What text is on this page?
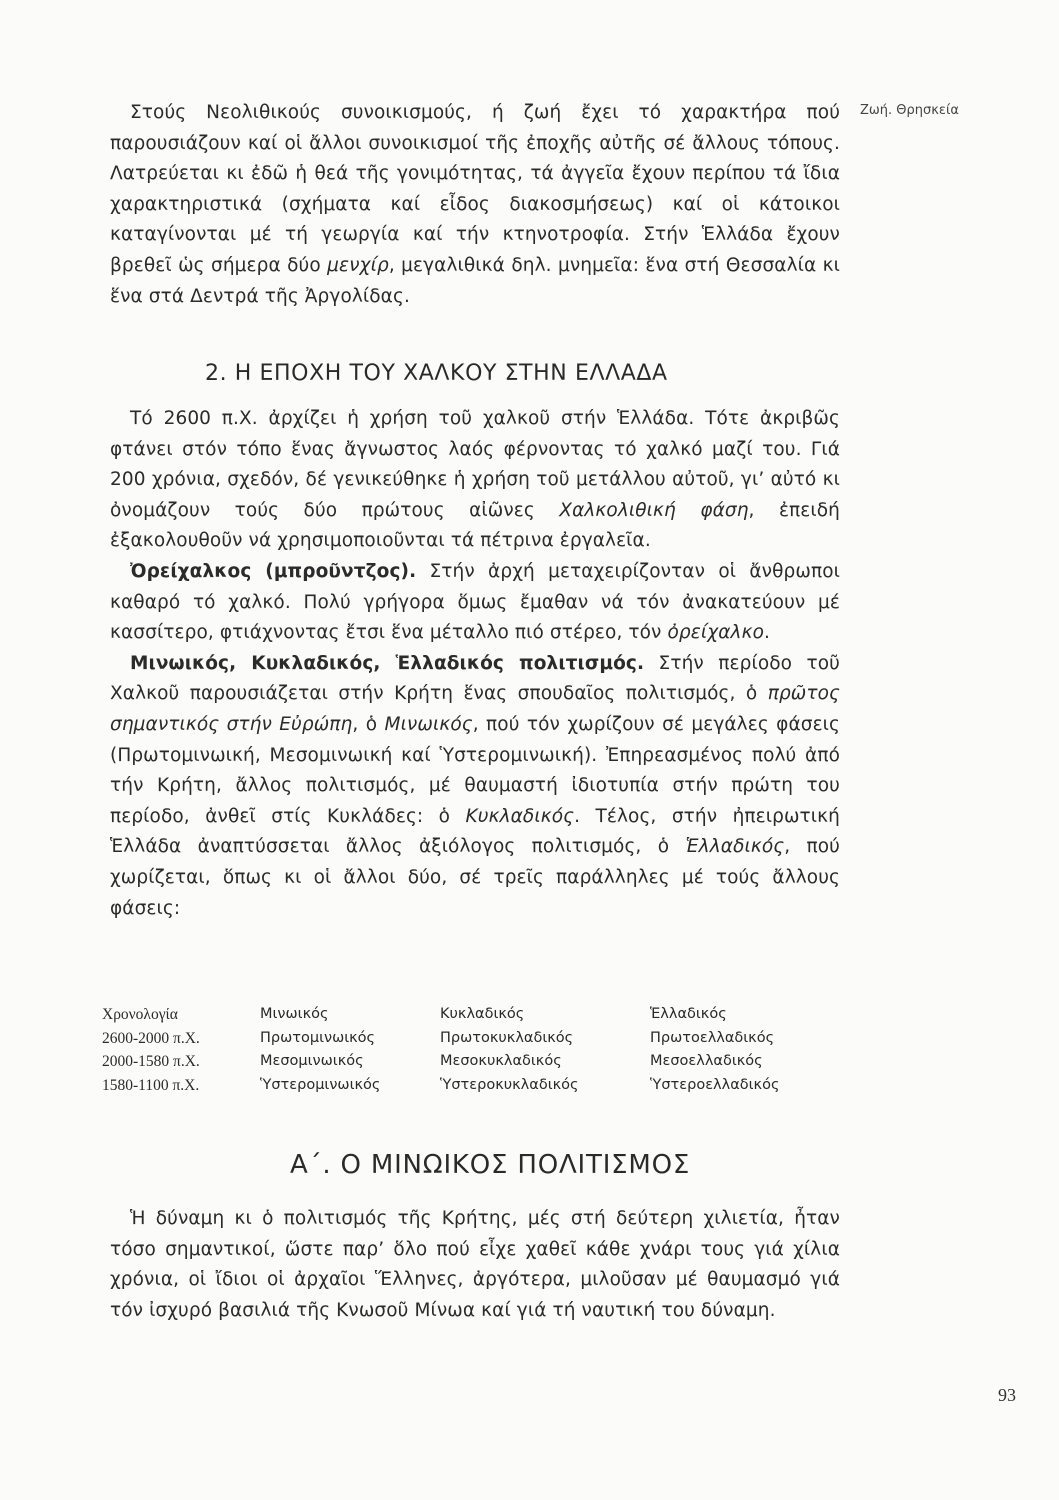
Ζωή. Θρησκεία

Στούς Νεολιθικούς συνοικισμούς, ή ζωή ἔχει τό χαρακτήρα πού παρουσιάζουν καί οἱ ἄλλοι συνοικισμοί τῆς ἐποχῆς αὐτῆς σέ ἄλλους τόπους. Λατρεύεται κι ἐδῶ ἡ θεά τῆς γονιμότητας, τά ἀγγεῖα ἔχουν περίπου τά ἴδια χαρακτηριστικά (σχήματα καί εἶδος διακοσμήσεως) καί οἱ κάτοικοι καταγίνονται μέ τή γεωργία καί τήν κτηνοτροφία. Στήν Ἑλλάδα ἔχουν βρεθεῖ ὡς σήμερα δύο μενχίρ, μεγαλιθικά δηλ. μνημεῖα: ἕνα στή Θεσσαλία κι ἕνα στά Δεντρά τῆς Ἀργολίδας.

2. Η ΕΠΟΧΗ ΤΟΥ ΧΑΛΚΟΥ ΣΤΗΝ ΕΛΛΑΔΑ

Τό 2600 π.Χ. ἀρχίζει ἡ χρήση τοῦ χαλκοῦ στήν Ἑλλάδα. Τότε ἀκριβῶς φτάνει στόν τόπο ἕνας ἄγνωστος λαός φέρνοντας τό χαλκό μαζί του. Γιά 200 χρόνια, σχεδόν, δέ γενικεύθηκε ἡ χρήση τοῦ μετάλλου αὐτοῦ, γι’ αὐτό κι ὀνομάζουν τούς δύο πρώτους αἰῶνες Χαλκολιθική φάση, ἐπειδή ἐξακολουθοῦν νά χρησιμοποιοῦνται τά πέτρινα ἐργαλεῖα.

Ὀρείχαλκος (μπροῦντζος). Στήν ἀρχή μεταχειρίζονταν οἱ ἄνθρωποι καθαρό τό χαλκό. Πολύ γρήγορα ὅμως ἔμαθαν νά τόν ἀνακατεύουν μέ κασσίτερο, φτιάχνοντας ἔτσι ἕνα μέταλλο πιό στέρεο, τόν ὀρείχαλκο.

Μινωικός, Κυκλαδικός, Ἑλλαδικός πολιτισμός. Στήν περίοδο τοῦ Χαλκοῦ παρουσιάζεται στήν Κρήτη ἕνας σπουδαῖος πολιτισμός, ὁ πρῶτος σημαντικός στήν Εὐρώπη, ὁ Μινωικός, πού τόν χωρίζουν σέ μεγάλες φάσεις (Πρωτομινωική, Μεσομινωική καί Ὑστερομινωική). Ἐπηρεασμένος πολύ ἀπό τήν Κρήτη, ἄλλος πολιτισμός, μέ θαυμαστή ἰδιοτυπία στήν πρώτη του περίοδο, ἀνθεῖ στίς Κυκλάδες: ὁ Κυκλαδικός. Τέλος, στήν ἠπειρωτική Ἑλλάδα ἀναπτύσσεται ἄλλος ἀξιόλογος πολιτισμός, ὁ Ἑλλαδικός, πού χωρίζεται, ὅπως κι οἱ ἄλλοι δύο, σέ τρεῖς παράλληλες μέ τούς ἄλλους φάσεις:

Χρονολογία	Μινωικός	Κυκλαδικός	Ἑλλαδικός
2600-2000 π.Χ.	Πρωτομινωικός	Πρωτοκυκλαδικός	Πρωτοελλαδικός
2000-1580 π.Χ.	Μεσομινωικός	Μεσοκυκλαδικός	Μεσοελλαδικός
1580-1100 π.Χ.	Ὑστερομινωικός	Ὑστεροκυκλαδικός	Ὑστεροελλαδικός
Α΄. Ο ΜΙΝΩΙΚΟΣ ΠΟΛΙΤΙΣΜΟΣ

Ἡ δύναμη κι ὁ πολιτισμός τῆς Κρήτης, μές στή δεύτερη χιλιετία, ἦταν τόσο σημαντικοί, ὥστε παρ’ ὅλο πού εἶχε χαθεῖ κάθε χνάρι τους γιά χίλια χρόνια, οἱ ἴδιοι οἱ ἀρχαῖοι Ἕλληνες, ἀργότερα, μιλοῦσαν μέ θαυμασμό γιά τόν ἰσχυρό βασιλιά τῆς Κνωσοῦ Μίνωα καί γιά τή ναυτική του δύναμη.

93
